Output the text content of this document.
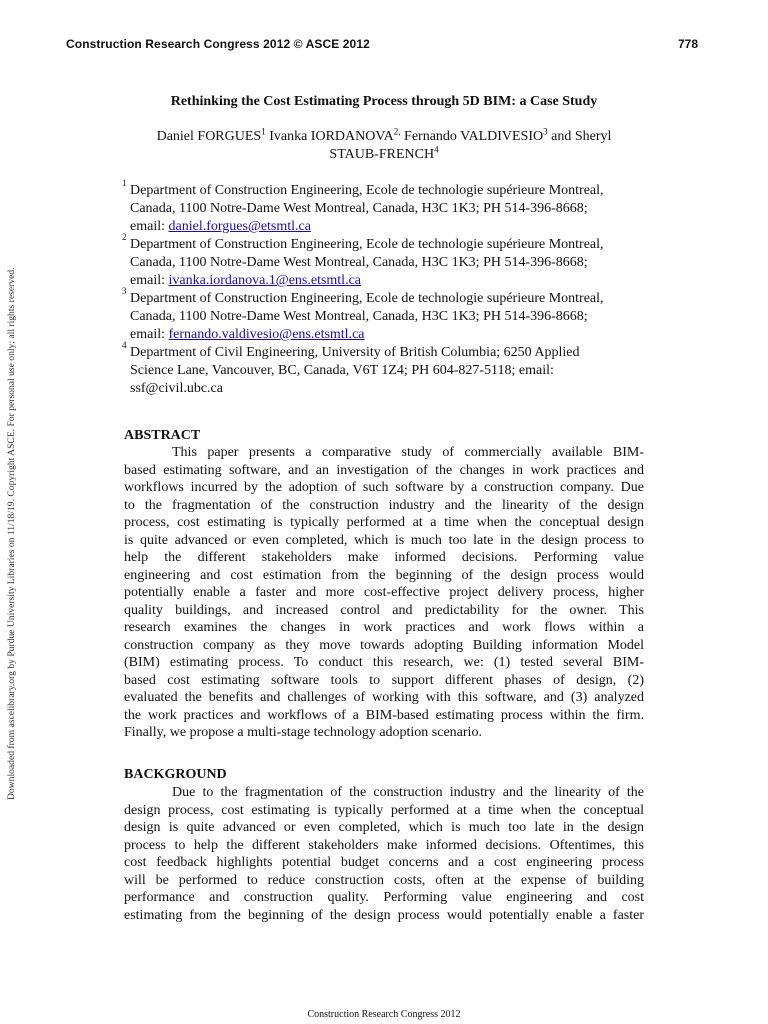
Construction Research Congress 2012 © ASCE 2012	778
Downloaded from ascelibrary.org by Purdue University Libraries on 11/18/19. Copyright ASCE. For personal use only; all rights reserved.
Rethinking the Cost Estimating Process through 5D BIM: a Case Study
Daniel FORGUES$^1$ Ivanka $IORDANOVA^{2,}$ Fernando VALDIVESIO$^3$ and Sheryl
STAUB-FRENCH$^4$
1 Department of Construction Engineering, Ecole de technologie supérieure Montreal,
Canada, 1100 Notre-Dame West Montreal, Canada, H3C 1K3; PH 514-396-8668;
email: daniel.forgues@etsmtl.ca
2 Department of Construction Engineering, Ecole de technologie supérieure Montreal,
Canada, 1100 Notre-Dame West Montreal, Canada, H3C 1K3; PH 514-396-8668;
email: ivanka.iordanova.1@ens.etsmtl.ca
3 Department of Construction Engineering, Ecole de technologie supérieure Montreal,
Canada, 1100 Notre-Dame West Montreal, Canada, H3C 1K3; PH 514-396-8668;
email: fernando.valdivesio@ens.etsmtl.ca
4 Department of Civil Engineering, University of British Columbia; 6250 Applied
Science Lane, Vancouver, BC, Canada, V6T 1Z4; PH 604-827-5118; email:
ssf@civil.ubc.ca
ABSTRACT
This paper presents a comparative study of commercially available BIM-
based estimating software, and an investigation of the changes in work practices and
workflows incurred by the adoption of such software by a construction company. Due
to the fragmentation of the construction industry and the linearity of the design
process, cost estimating is typically performed at a time when the conceptual design
is quite advanced or even completed, which is much too late in the design process to
help the different stakeholders make informed decisions. Performing value
engineering and cost estimation from the beginning of the design process would
potentially enable a faster and more cost-effective project delivery process, higher
quality buildings, and increased control and predictability for the owner. This
research examines the changes in work practices and work flows within a
construction company as they move towards adopting Building information Model
(BIM) estimating process. To conduct this research, we: (1) tested several BIM-
based cost estimating software tools to support different phases of design, (2)
evaluated the benefits and challenges of working with this software, and (3) analyzed
the work practices and workflows of a BIM-based estimating process within the firm.
Finally, we propose a multi-stage technology adoption scenario.
BACKGROUND
Due to the fragmentation of the construction industry and the linearity of the
design process, cost estimating is typically performed at a time when the conceptual
design is quite advanced or even completed, which is much too late in the design
process to help the different stakeholders make informed decisions. Oftentimes, this
cost feedback highlights potential budget concerns and a cost engineering process
will be performed to reduce construction costs, often at the expense of building
performance and construction quality. Performing value engineering and cost
estimating from the beginning of the design process would potentially enable a faster
Construction Research Congress 2012
